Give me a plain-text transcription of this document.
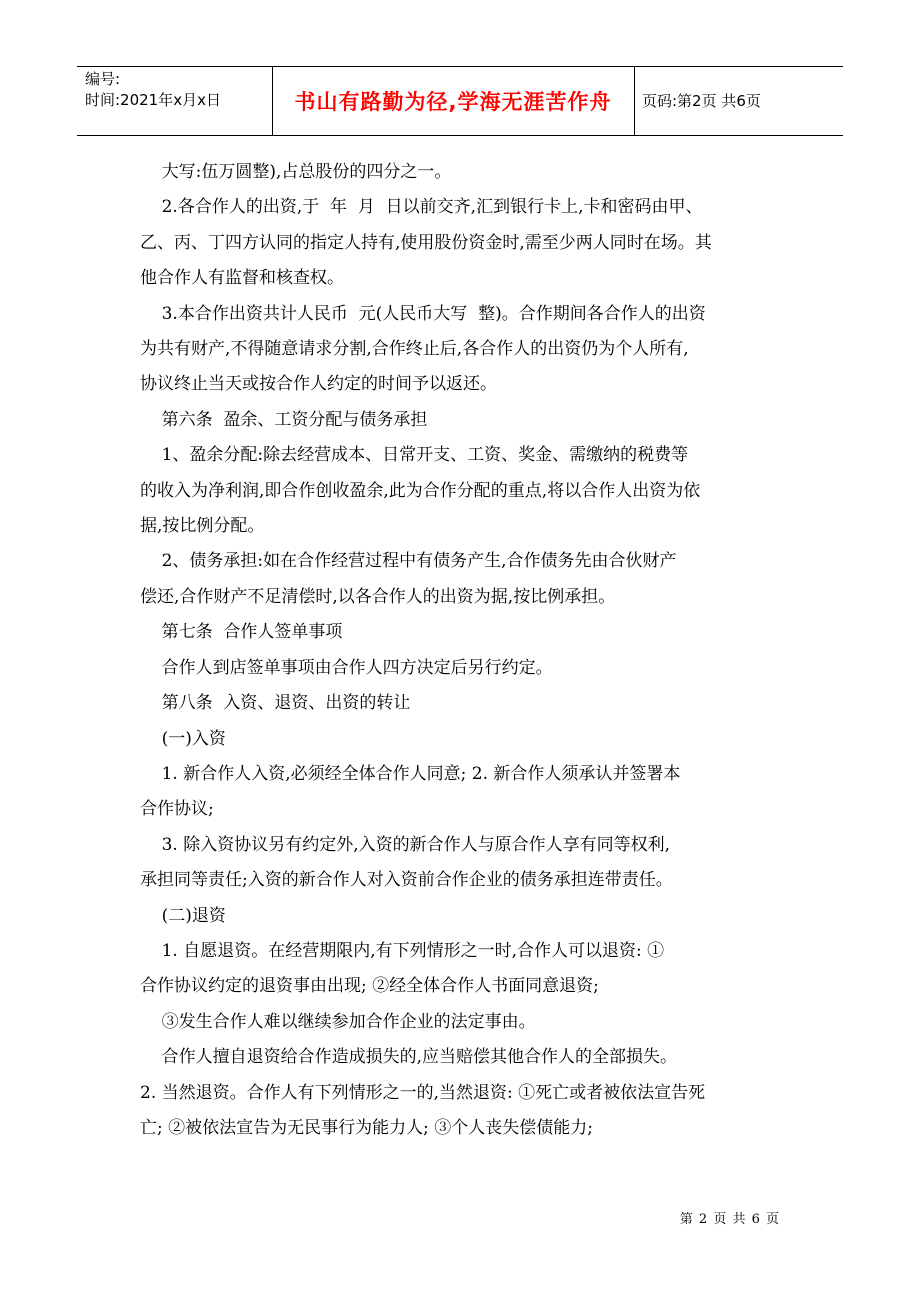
编号:
时间:2021年x月x日	书山有路勤为径,学海无涯苦作舟	页码:第2页 共6页

大写:伍万圆整),占总股份的四分之一。

2.各合作人的出资,于  年  月  日以前交齐,汇到银行卡上,卡和密码由甲、

乙、丙、丁四方认同的指定人持有,使用股份资金时,需至少两人同时在场。其

他合作人有监督和核查权。

3.本合作出资共计人民币  元(人民币大写  整)。合作期间各合作人的出资

为共有财产,不得随意请求分割,合作终止后,各合作人的出资仍为个人所有,

协议终止当天或按合作人约定的时间予以返还。

第六条  盈余、工资分配与债务承担

1、盈余分配:除去经营成本、日常开支、工资、奖金、需缴纳的税费等

的收入为净利润,即合作创收盈余,此为合作分配的重点,将以合作人出资为依

据,按比例分配。

2、债务承担:如在合作经营过程中有债务产生,合作债务先由合伙财产

偿还,合作财产不足清偿时,以各合作人的出资为据,按比例承担。

第七条  合作人签单事项

合作人到店签单事项由合作人四方决定后另行约定。

第八条  入资、退资、出资的转让

(一)入资

1. 新合作人入资,必须经全体合作人同意; 2. 新合作人须承认并签署本

合作协议;

3. 除入资协议另有约定外,入资的新合作人与原合作人享有同等权利,

承担同等责任;入资的新合作人对入资前合作企业的债务承担连带责任。

(二)退资

1. 自愿退资。在经营期限内,有下列情形之一时,合作人可以退资: ①

合作协议约定的退资事由出现; ②经全体合作人书面同意退资;

③发生合作人难以继续参加合作企业的法定事由。

合作人擅自退资给合作造成损失的,应当赔偿其他合作人的全部损失。

2. 当然退资。合作人有下列情形之一的,当然退资: ①死亡或者被依法宣告死

亡; ②被依法宣告为无民事行为能力人; ③个人丧失偿债能力;

第 2 页 共 6 页
